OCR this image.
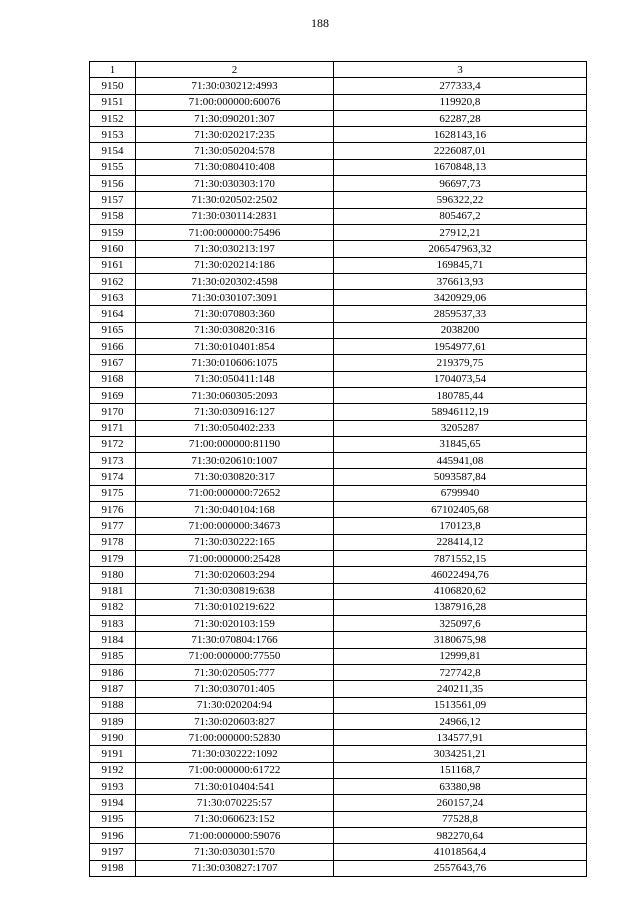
188
1	2	3
9150	71:30:030212:4993	277333,4
9151	71:00:000000:60076	119920,8
9152	71:30:090201:307	62287,28
9153	71:30:020217:235	1628143,16
9154	71:30:050204:578	2226087,01
9155	71:30:080410:408	1670848,13
9156	71:30:030303:170	96697,73
9157	71:30:020502:2502	596322,22
9158	71:30:030114:2831	805467,2
9159	71:00:000000:75496	27912,21
9160	71:30:030213:197	206547963,32
9161	71:30:020214:186	169845,71
9162	71:30:020302:4598	376613,93
9163	71:30:030107:3091	3420929,06
9164	71:30:070803:360	2859537,33
9165	71:30:030820:316	2038200
9166	71:30:010401:854	1954977,61
9167	71:30:010606:1075	219379,75
9168	71:30:050411:148	1704073,54
9169	71:30:060305:2093	180785,44
9170	71:30:030916:127	58946112,19
9171	71:30:050402:233	3205287
9172	71:00:000000:81190	31845,65
9173	71:30:020610:1007	445941,08
9174	71:30:030820:317	5093587,84
9175	71:00:000000:72652	6799940
9176	71:30:040104:168	67102405,68
9177	71:00:000000:34673	170123,8
9178	71:30:030222:165	228414,12
9179	71:00:000000:25428	7871552,15
9180	71:30:020603:294	46022494,76
9181	71:30:030819:638	4106820,62
9182	71:30:010219:622	1387916,28
9183	71:30:020103:159	325097,6
9184	71:30:070804:1766	3180675,98
9185	71:00:000000:77550	12999,81
9186	71:30:020505:777	727742,8
9187	71:30:030701:405	240211,35
9188	71:30:020204:94	1513561,09
9189	71:30:020603:827	24966,12
9190	71:00:000000:52830	134577,91
9191	71:30:030222:1092	3034251,21
9192	71:00:000000:61722	151168,7
9193	71:30:010404:541	63380,98
9194	71:30:070225:57	260157,24
9195	71:30:060623:152	77528,8
9196	71:00:000000:59076	982270,64
9197	71:30:030301:570	41018564,4
9198	71:30:030827:1707	2557643,76
